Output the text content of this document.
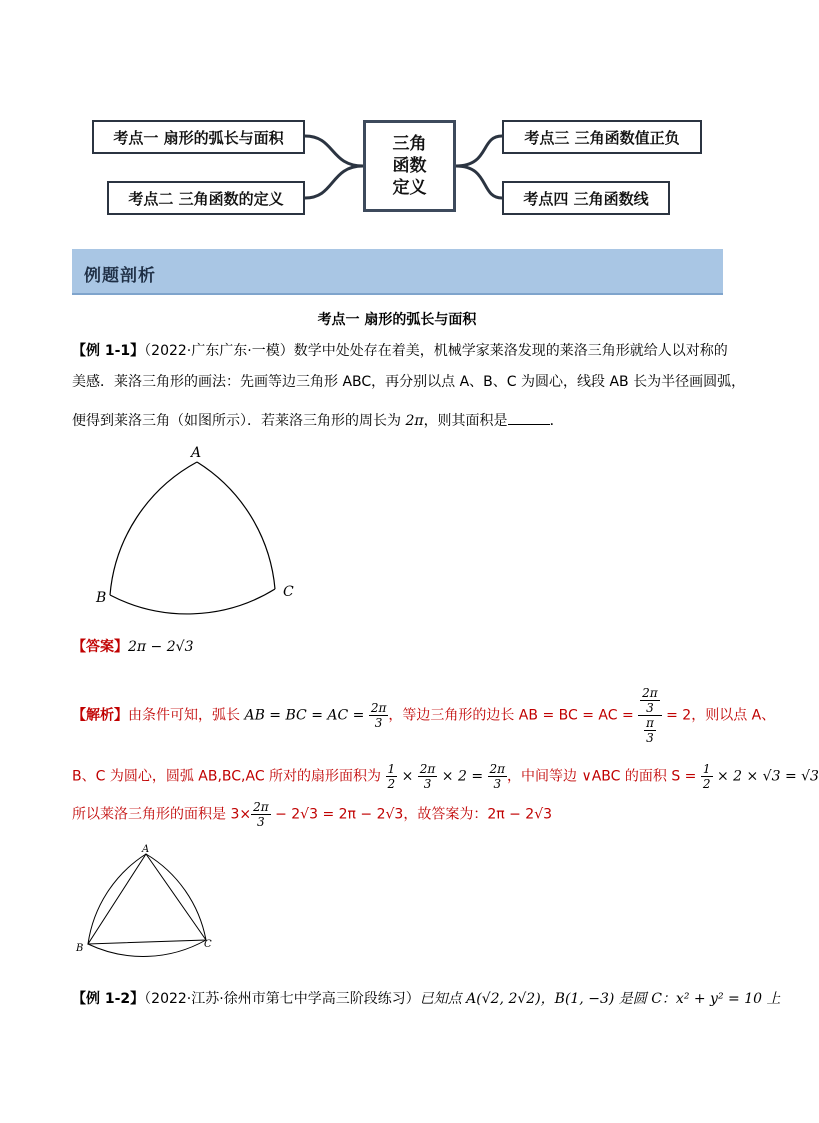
考点一 扇形的弧长与面积
考点二 三角函数的定义
考点三 三角函数值正负
考点四 三角函数线
三角
函数
定义
例题剖析
考点一 扇形的弧长与面积
【例 1-1】（2022·广东广东·一模）数学中处处存在着美，机械学家莱洛发现的莱洛三角形就给人以对称的
美感．莱洛三角形的画法：先画等边三角形 ABC，再分别以点 A、B、C 为圆心，线段 AB 长为半径画圆弧，
便得到莱洛三角（如图所示）．若莱洛三角形的周长为 2π，则其面积是	．
A
B	C
【答案】2π − 2√3
【解析】由条件可知，弧长 AB = BC = AC = $\frac{2\pi}{3}$ ，等边三角形的边长 AB = BC = AC = $\frac{\frac{2\pi}{3}}{\frac{\pi}{3}} = 2$，则以点 A、
B、C 为圆心，圆弧 AB,BC,AC 所对的扇形面积为 $\frac{1}{2} \times \frac{2\pi}{3} \times 2 = \frac{2\pi}{3}$ ，中间等边 ∨ABC 的面积 $S = \frac{1}{2} \times 2 \times √3 = √3$
所以莱洛三角形的面积是 $3\times \frac{2\pi}{3} - 2√3 = 2\pi - 2√3$，故答案为：2π − 2√3
A
B	C
【例 1-2】（2022·江苏·徐州市第七中学高三阶段练习）已知点 A(√2, 2√2)，B(1, −3) 是圆 C：x² + y² = 10 上
